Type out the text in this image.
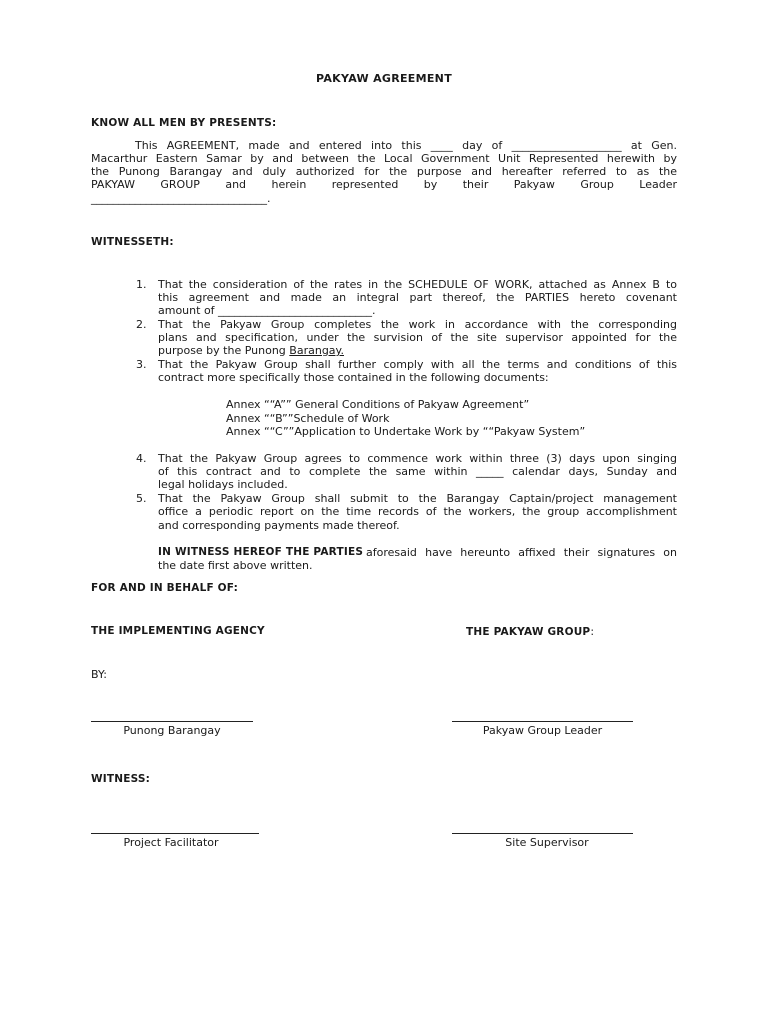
PAKYAW AGREEMENT
KNOW ALL MEN BY PRESENTS:
This AGREEMENT, made and entered into this ____ day of ____________________ at Gen.
Macarthur Eastern Samar by and between the Local Government Unit Represented herewith by
the Punong Barangay and duly authorized for the purpose and hereafter referred to as the
PAKYAW GROUP and herein represented by their Pakyaw Group Leader
________________________________.
WITNESSETH:
1. That the consideration of the rates in the SCHEDULE OF WORK, attached as Annex B to
this agreement and made an integral part thereof, the PARTIES hereto covenant
amount of ____________________________.
2. That the Pakyaw Group completes the work in accordance with the corresponding
plans and specification, under the survision of the site supervisor appointed for the
purpose by the Punong Barangay.
3. That the Pakyaw Group shall further comply with all the terms and conditions of this
contract more specifically those contained in the following documents:
Annex ““A”” General Conditions of Pakyaw Agreement”
Annex ““B””Schedule of Work
Annex ““C””Application to Undertake Work by ““Pakyaw System”
4. That the Pakyaw Group agrees to commence work within three (3) days upon singing
of this contract and to complete the same within _____ calendar days, Sunday and
legal holidays included.
5. That the Pakyaw Group shall submit to the Barangay Captain/project management
office a periodic report on the time records of the workers, the group accomplishment
and corresponding payments made thereof.
IN WITNESS HEREOF THE PARTIES aforesaid have hereunto affixed their signatures on
the date first above written.
FOR AND IN BEHALF OF:
THE IMPLEMENTING AGENCY	THE PAKYAW GROUP:
BY:
Punong Barangay	Pakyaw Group Leader
WITNESS:
Project Facilitator	Site Supervisor
